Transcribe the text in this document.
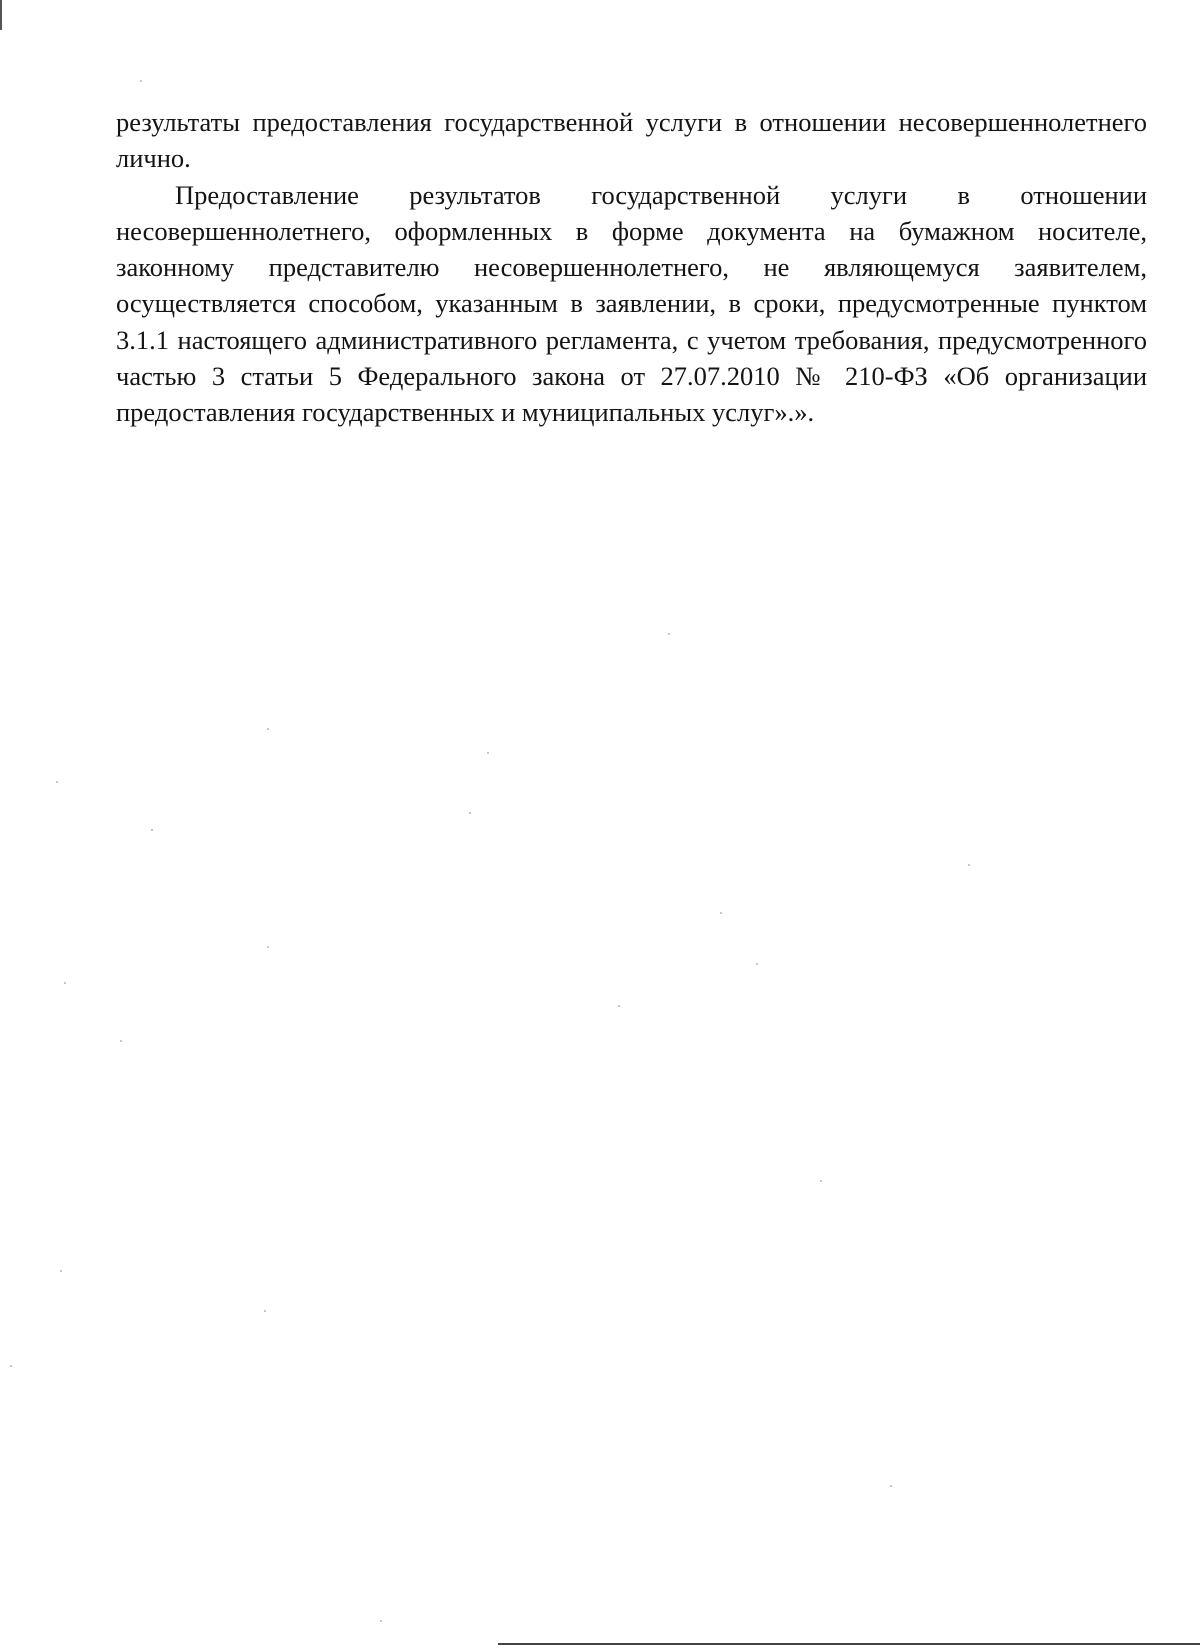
результаты предоставления государственной услуги в отношении несовершеннолетнего лично.

Предоставление результатов государственной услуги в отношении несовершеннолетнего, оформленных в форме документа на бумажном носителе, законному представителю несовершеннолетнего, не являющемуся заявителем, осуществляется способом, указанным в заявлении, в сроки, предусмотренные пунктом 3.1.1 настоящего административного регламента, с учетом требования, предусмотренного частью 3 статьи 5 Федерального закона от 27.07.2010 № 210-ФЗ «Об организации предоставления государственных и муниципальных услуг».».
